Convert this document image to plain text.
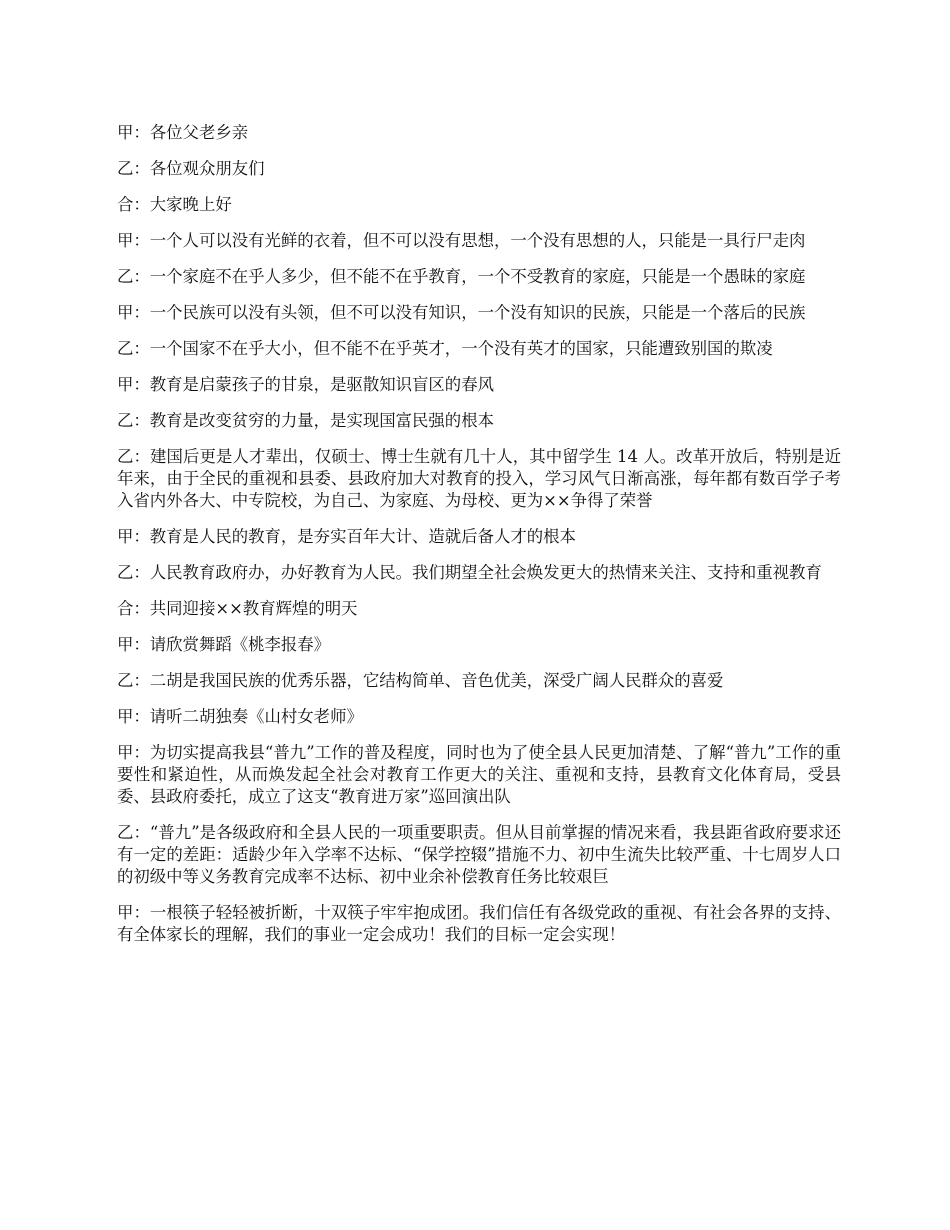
甲：各位父老乡亲

乙：各位观众朋友们

合：大家晚上好

甲：一个人可以没有光鲜的衣着，但不可以没有思想，一个没有思想的人，只能是一具行尸走肉

乙：一个家庭不在乎人多少，但不能不在乎教育，一个不受教育的家庭，只能是一个愚昧的家庭

甲：一个民族可以没有头领，但不可以没有知识，一个没有知识的民族，只能是一个落后的民族

乙：一个国家不在乎大小，但不能不在乎英才，一个没有英才的国家，只能遭致别国的欺凌

甲：教育是启蒙孩子的甘泉，是驱散知识盲区的春风

乙：教育是改变贫穷的力量，是实现国富民强的根本

乙：建国后更是人才辈出，仅硕士、博士生就有几十人，其中留学生 14 人。改革开放后，特别是近年来，由于全民的重视和县委、县政府加大对教育的投入，学习风气日渐高涨，每年都有数百学子考入省内外各大、中专院校，为自己、为家庭、为母校、更为××争得了荣誉

甲：教育是人民的教育，是夯实百年大计、造就后备人才的根本

乙：人民教育政府办，办好教育为人民。我们期望全社会焕发更大的热情来关注、支持和重视教育

合：共同迎接××教育辉煌的明天

甲：请欣赏舞蹈《桃李报春》

乙：二胡是我国民族的优秀乐器，它结构简单、音色优美，深受广阔人民群众的喜爱

甲：请听二胡独奏《山村女老师》

甲：为切实提高我县“普九”工作的普及程度，同时也为了使全县人民更加清楚、了解“普九”工作的重要性和紧迫性，从而焕发起全社会对教育工作更大的关注、重视和支持，县教育文化体育局，受县委、县政府委托，成立了这支“教育进万家”巡回演出队

乙：“普九”是各级政府和全县人民的一项重要职责。但从目前掌握的情况来看，我县距省政府要求还有一定的差距：适龄少年入学率不达标、“保学控辍”措施不力、初中生流失比较严重、十七周岁人口的初级中等义务教育完成率不达标、初中业余补偿教育任务比较艰巨

甲：一根筷子轻轻被折断，十双筷子牢牢抱成团。我们信任有各级党政的重视、有社会各界的支持、有全体家长的理解，我们的事业一定会成功！我们的目标一定会实现！
